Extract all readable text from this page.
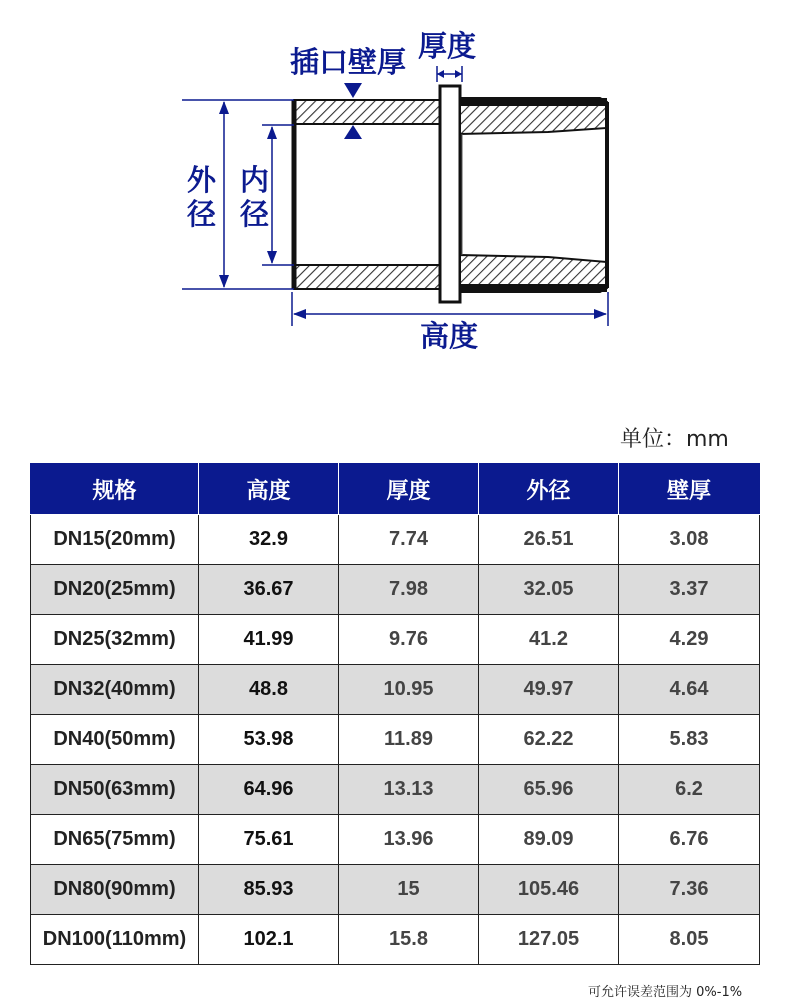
插口壁厚 厚度
外
径
内
径
高度
单位：mm
规格	高度	厚度	外径	壁厚
DN15(20mm)	32.9	7.74	26.51	3.08
DN20(25mm)	36.67	7.98	32.05	3.37
DN25(32mm)	41.99	9.76	41.2	4.29
DN32(40mm)	48.8	10.95	49.97	4.64
DN40(50mm)	53.98	11.89	62.22	5.83
DN50(63mm)	64.96	13.13	65.96	6.2
DN65(75mm)	75.61	13.96	89.09	6.76
DN80(90mm)	85.93	15	105.46	7.36
DN100(110mm)	102.1	15.8	127.05	8.05
可允许误差范围为 0%-1%
